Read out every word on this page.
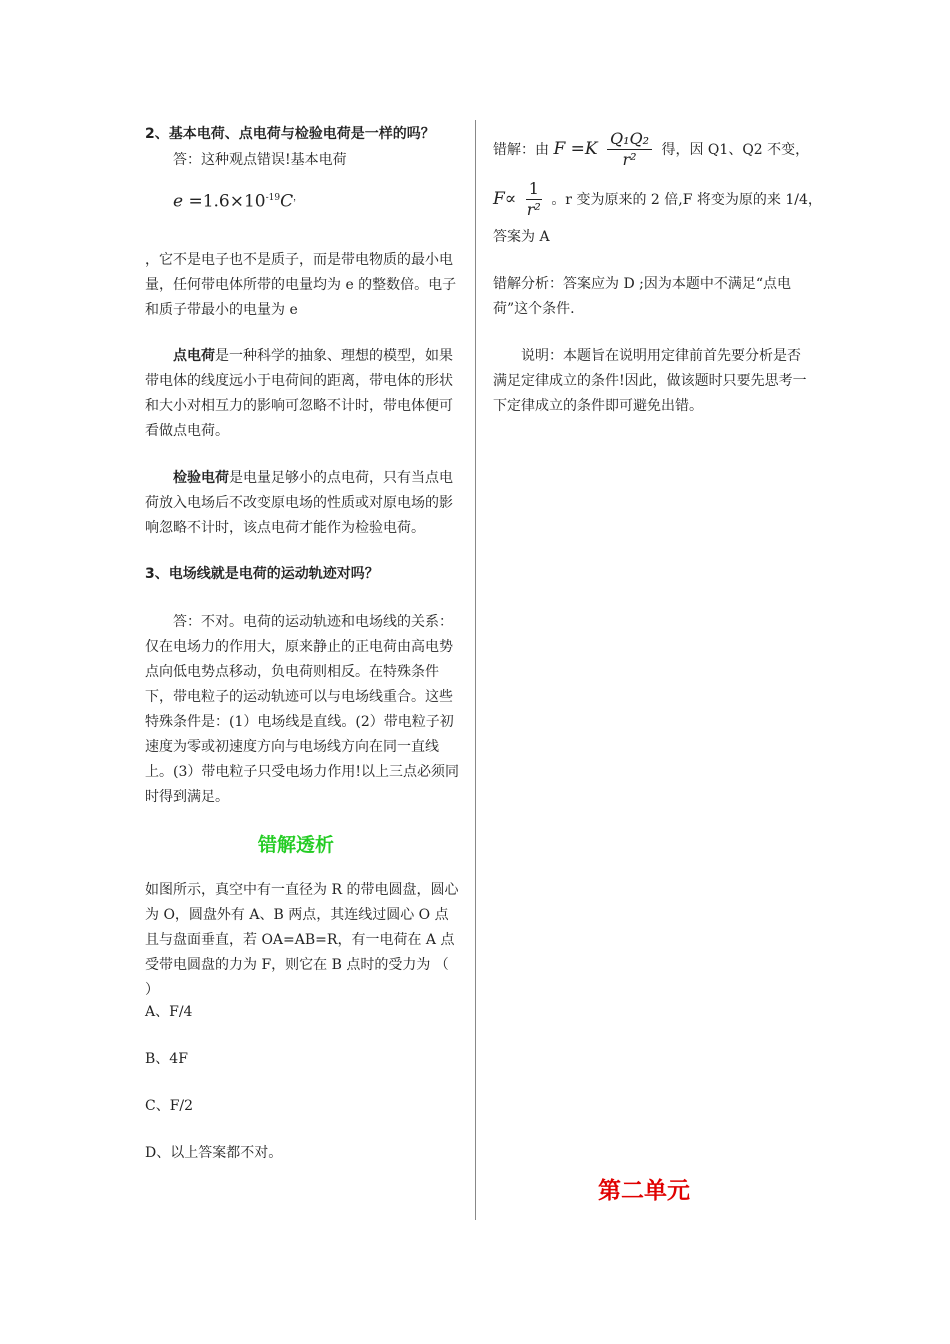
2、基本电荷、点电荷与检验电荷是一样的吗？
答：这种观点错误!基本电荷
$e =1.6\times 10^{-19}C^,$
，它不是电子也不是质子，而是带电物质的最小电量，任何带电体所带的电量均为 e 的整数倍。电子和质子带最小的电量为 e
点电荷是一种科学的抽象、理想的模型，如果带电体的线度远小于电荷间的距离，带电体的形状和大小对相互力的影响可忽略不计时，带电体便可看做点电荷。
检验电荷是电量足够小的点电荷，只有当点电荷放入电场后不改变原电场的性质或对原电场的影响忽略不计时，该点电荷才能作为检验电荷。
3、电场线就是电荷的运动轨迹对吗？
答：不对。电荷的运动轨迹和电场线的关系：仅在电场力的作用大，原来静止的正电荷由高电势点向低电势点移动，负电荷则相反。在特殊条件下，带电粒子的运动轨迹可以与电场线重合。这些特殊条件是：(1）电场线是直线。(2）带电粒子初速度为零或初速度方向与电场线方向在同一直线上。(3）带电粒子只受电场力作用!以上三点必须同时得到满足。
错解透析
如图所示，真空中有一直径为 R 的带电圆盘，圆心为 O，圆盘外有 A、B 两点，其连线过圆心 O 点且与盘面垂直，若 OA=AB=R，有一电荷在 A 点受带电圆盘的力为 F，则它在 B 点时的受力为 （ ）
A、F/4
B、4F
C、F/2
D、以上答案都不对。
错解：由 $F =K \frac{\text{Q₁Q₂}}{\text{r²}}$ 得，因 Q1、Q2 不变，
$F\propto \frac{1}{\text{r²}}$ 。r 变为原来的 2 倍,F 将变为原的来 1/4，
答案为 A
错解分析：答案应为 D ;因为本题中不满足“点电荷”这个条件.
说明：本题旨在说明用定律前首先要分析是否满足定律成立的条件!因此，做该题时只要先思考一下定律成立的条件即可避免出错。
第二单元
